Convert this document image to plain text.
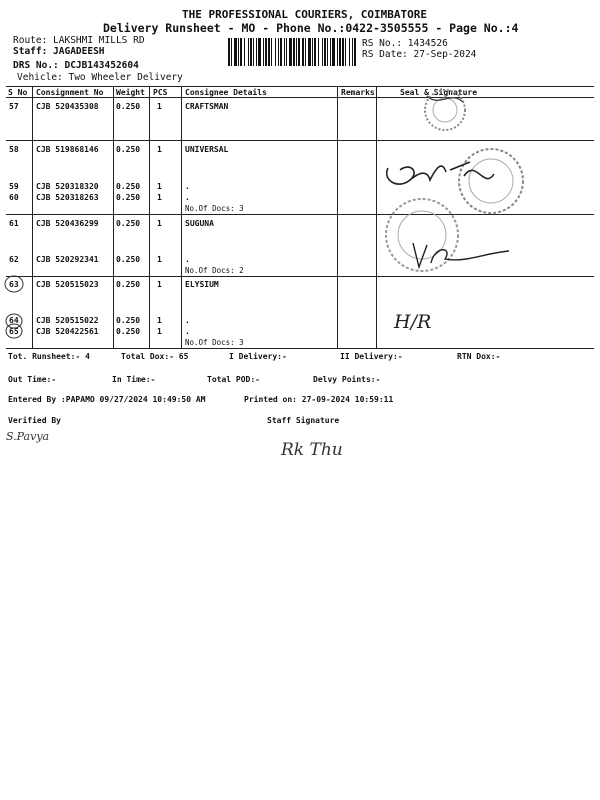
THE PROFESSIONAL COURIERS, COIMBATORE
Delivery Runsheet - MO - Phone No.:0422-3505555 - Page No.:4
Route: LAKSHMI MILLS RD
Staff: JAGADEESH
DRS No.: DCJB143452604
Vehicle: Two Wheeler Delivery
RS No.: 1434526
RS Date: 27-Sep-2024
S No Consignment No Weight PCS Consignee Details	Remarks	Seal & Signature
57 CJB 520435308 0.250 1	CRAFTSMAN
58 CJB 519868146 0.250 1	UNIVERSAL
59 CJB 520318320 0.250 1	.
60 CJB 520318263 0.250 1	.
No.Of Docs: 3
61 CJB 520436299 0.250 1	SUGUNA
62 CJB 520292341 0.250 1	.
No.Of Docs: 2
63 CJB 520515023 0.250 1	ELYSIUM
64 CJB 520515022 0.250 1	.
65 CJB 520422561 0.250 1	.
No.Of Docs: 3
H/R
Tot. Runsheet:- 4	Total Dox:- 65	I Delivery:-	II Delivery:-	RTN Dox:-
Out Time:-	In Time:-	Total POD:-	Delvy Points:-
Entered By :PAPAMO 09/27/2024 10:49:50 AM	Printed on: 27-09-2024 10:59:11
Verified By	Staff Signature
S.Pavya
Rk Thu
